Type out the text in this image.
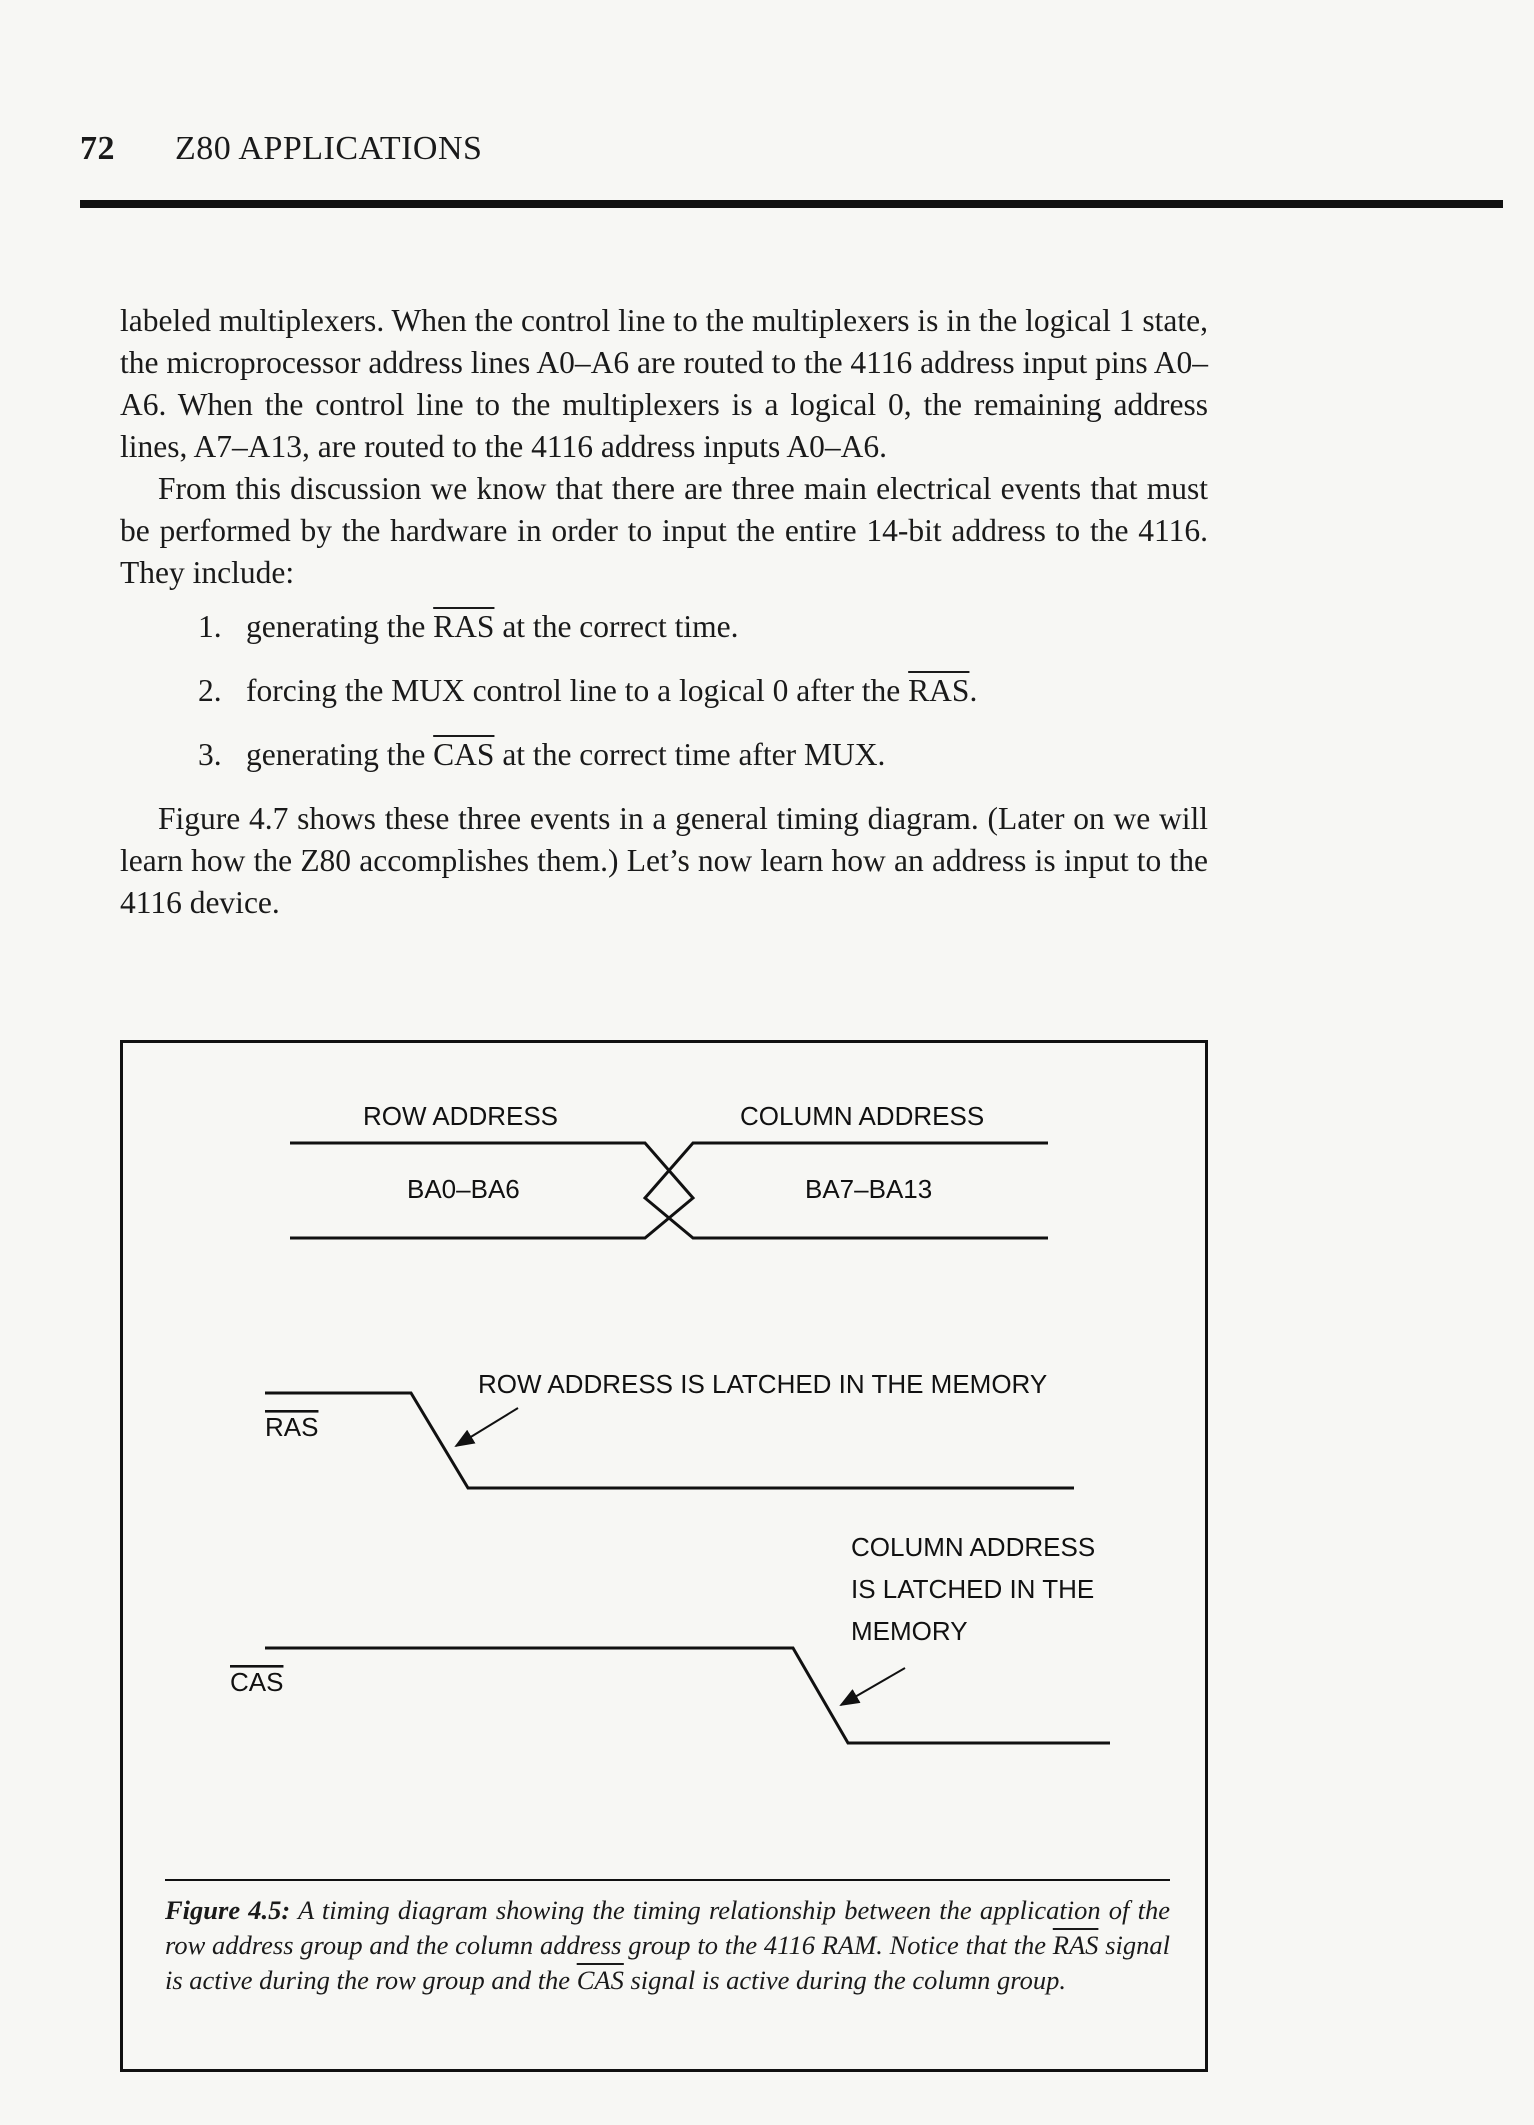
72 Z80 APPLICATIONS

labeled multiplexers. When the control line to the multiplexers is in the logical 1 state, the microprocessor address lines A0–A6 are routed to the 4116 address input pins A0–A6. When the control line to the multiplexers is a logical 0, the remaining address lines, A7–A13, are routed to the 4116 address inputs A0–A6.

From this discussion we know that there are three main electrical events that must be performed by the hardware in order to input the entire 14-bit address to the 4116. They include:

1. generating the $\overline{RAS}$ at the correct time.
2. forcing the MUX control line to a logical 0 after the $\overline{RAS}$.
3. generating the $\overline{CAS}$ at the correct time after MUX.

Figure 4.7 shows these three events in a general timing diagram. (Later on we will learn how the Z80 accomplishes them.) Let’s now learn how an address is input to the 4116 device.

ROW ADDRESS	COLUMN ADDRESS
BA0–BA6	BA7–BA13
RAS
ROW ADDRESS IS LATCHED IN THE MEMORY
CAS
COLUMN ADDRESS
IS LATCHED IN THE
MEMORY
Figure 4.5: A timing diagram showing the timing relationship between the application of the row address group and the column address group to the 4116 RAM. Notice that the $\overline{RAS}$ signal is active during the row group and the $\overline{CAS}$ signal is active during the column group.
